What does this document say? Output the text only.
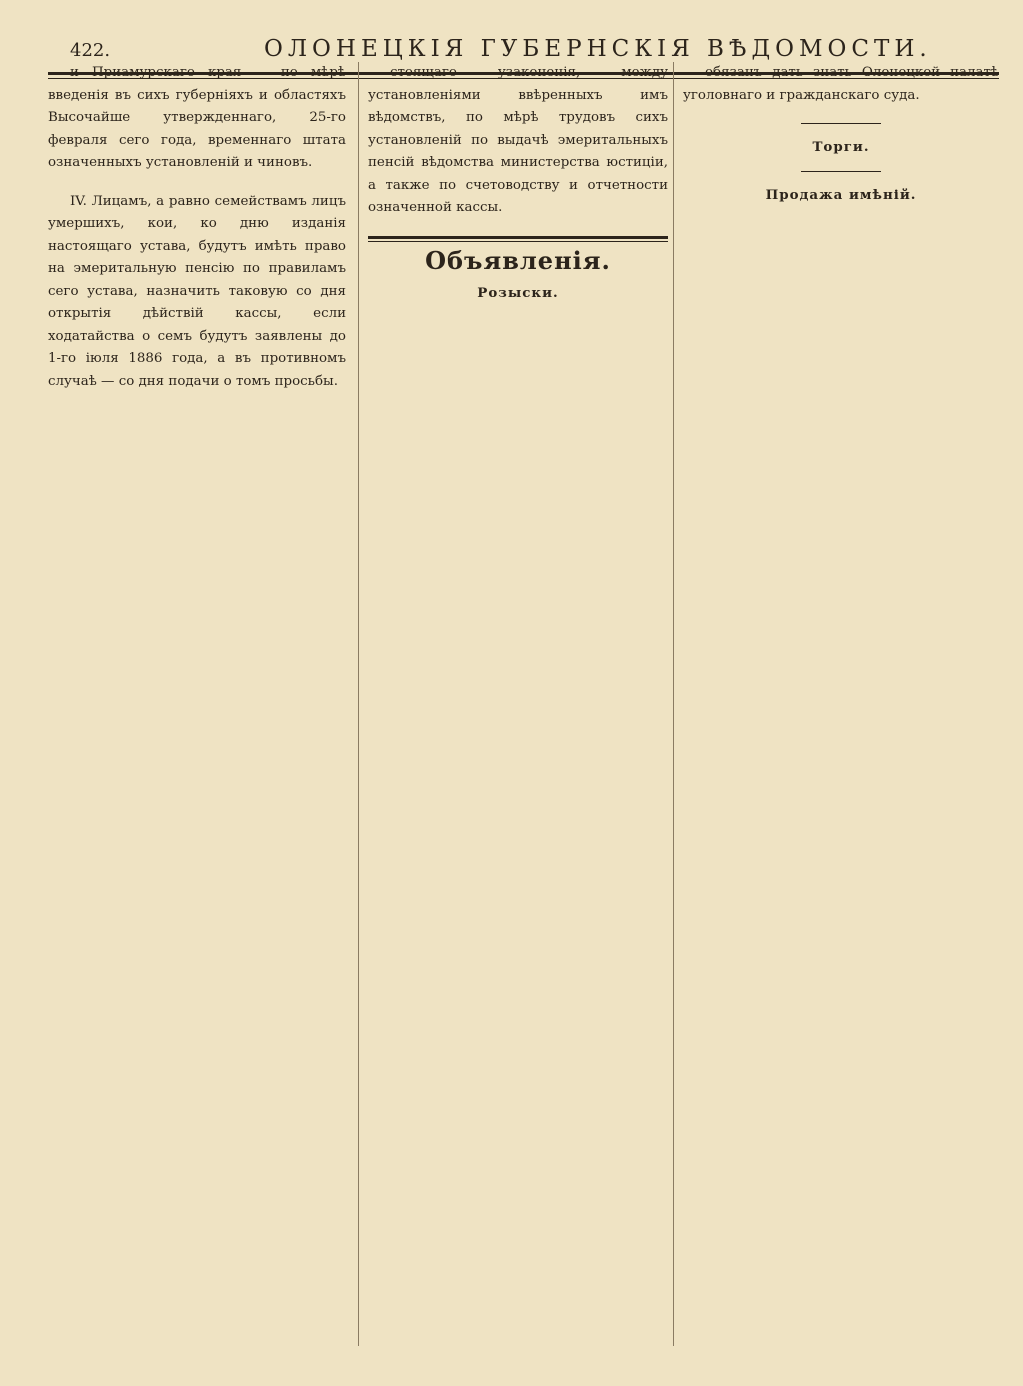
422.	ОЛОНЕЦКІЯ ГУБЕРНСКІЯ ВѢДОМОСТИ.

и Приамурскаго края — по мѣрѣ введенія въ сихъ губерніяхъ и областяхъ Высочайше утвержденнаго, 25-го февраля сего года, временнаго штата означенныхъ установленій и чиновъ.

IV. Лицамъ, а равно семействамъ лицъ умершихъ, кои, ко дню изданія настоящаго устава, будутъ имѣть право на эмеритальную пенсію по правиламъ сего устава, назначить таковую со дня открытія дѣйствій кассы, если ходатайства о семъ будутъ заявлены до 1-го іюля 1886 года, а въ противномъ случаѣ — со дня подачи о томъ просьбы.

стоящаго узаконенія, между установленіями ввѣренныхъ имъ вѣдомствъ, по мѣрѣ трудовъ сихъ установленій по выдачѣ эмеритальныхъ пенсій вѣдомства министерства юстиціи, а также по счетоводству и отчетности означенной кассы.

Объявленія.
Розыски.

обязанъ дать знать Олонецкой палатѣ уголовнаго и гражданскаго суда.

Торги.
Продажа имѣній.
